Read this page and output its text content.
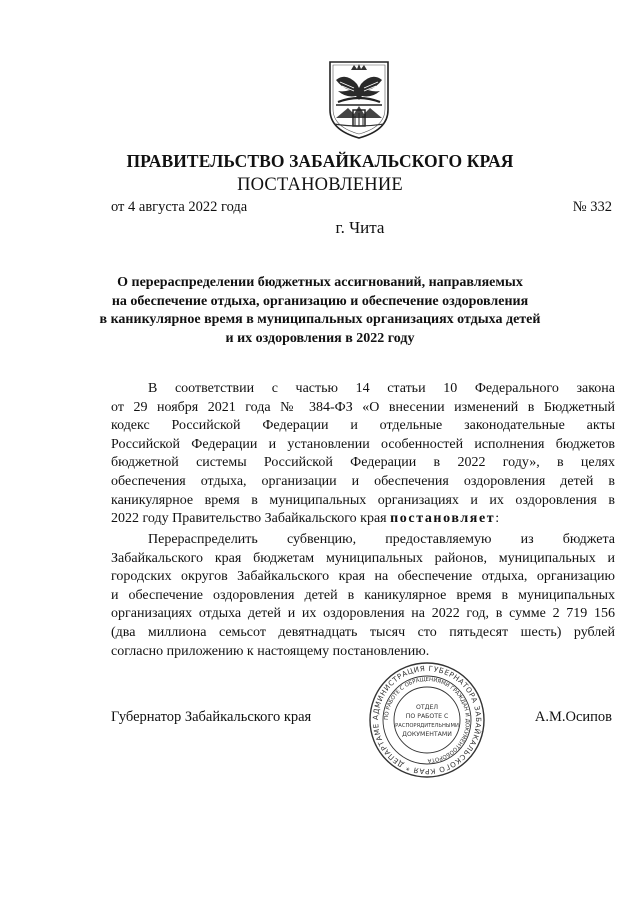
ПРАВИТЕЛЬСТВО ЗАБАЙКАЛЬСКОГО КРАЯ
ПОСТАНОВЛЕНИЕ
от 4 августа 2022 года	№ 332
г. Чита
О перераспределении бюджетных ассигнований, направляемых
на обеспечение отдыха, организацию и обеспечение оздоровления
в каникулярное время в муниципальных организациях отдыха детей
и их оздоровления в 2022 году
В соответствии с частью 14 статьи 10 Федерального закона
от 29 ноября 2021 года № 384-ФЗ «О внесении изменений в Бюджетный
кодекс Российской Федерации и отдельные законодательные акты
Российской Федерации и установлении особенностей исполнения бюджетов
бюджетной системы Российской Федерации в 2022 году», в целях
обеспечения отдыха, организации и обеспечения оздоровления детей в
каникулярное время в муниципальных организациях и их оздоровления в
2022 году Правительство Забайкальского края постановляет:
Перераспределить субвенцию, предоставляемую из бюджета
Забайкальского края бюджетам муниципальных районов, муниципальных и
городских округов Забайкальского края на обеспечение отдыха, организацию
и обеспечение оздоровления детей в каникулярное время в муниципальных
организациях отдыха детей и их оздоровления на 2022 год, в сумме 2 719 156
(два миллиона семьсот девятнадцать тысяч сто пятьдесят шесть) рублей
согласно приложению к настоящему постановлению.
Губернатор Забайкальского края	А.М.Осипов
АДМИНИСТРАЦИЯ ГУБЕРНАТОРА ЗАБАЙКАЛЬСКОГО КРАЯ * ДЕПАРТАМЕ
ПО РАБОТЕ С ОБРАЩЕНИЯМИ ГРАЖДАН И ДОКУМЕНТООБОРОТА
ОТДЕЛ
ПО РАБОТЕ С
РАСПОРЯДИТЕЛЬНЫМИ
ДОКУМЕНТАМИ
